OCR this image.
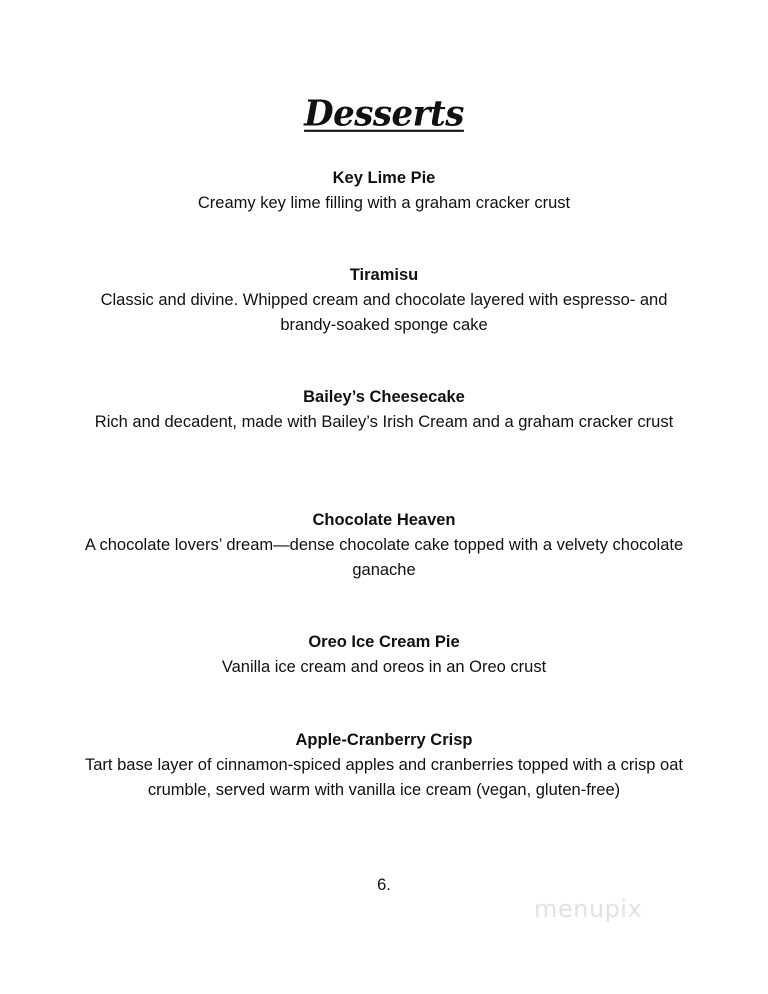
Desserts

Key Lime Pie

Creamy key lime filling with a graham cracker crust

Tiramisu

Classic and divine. Whipped cream and chocolate layered with espresso- and brandy-soaked sponge cake

Bailey’s Cheesecake

Rich and decadent, made with Bailey’s Irish Cream and a graham cracker crust

Chocolate Heaven

A chocolate lovers’ dream—dense chocolate cake topped with a velvety chocolate ganache

Oreo Ice Cream Pie

Vanilla ice cream and oreos in an Oreo crust

Apple-Cranberry Crisp

Tart base layer of cinnamon-spiced apples and cranberries topped with a crisp oat crumble, served warm with vanilla ice cream (vegan, gluten-free)

6.
menupix
